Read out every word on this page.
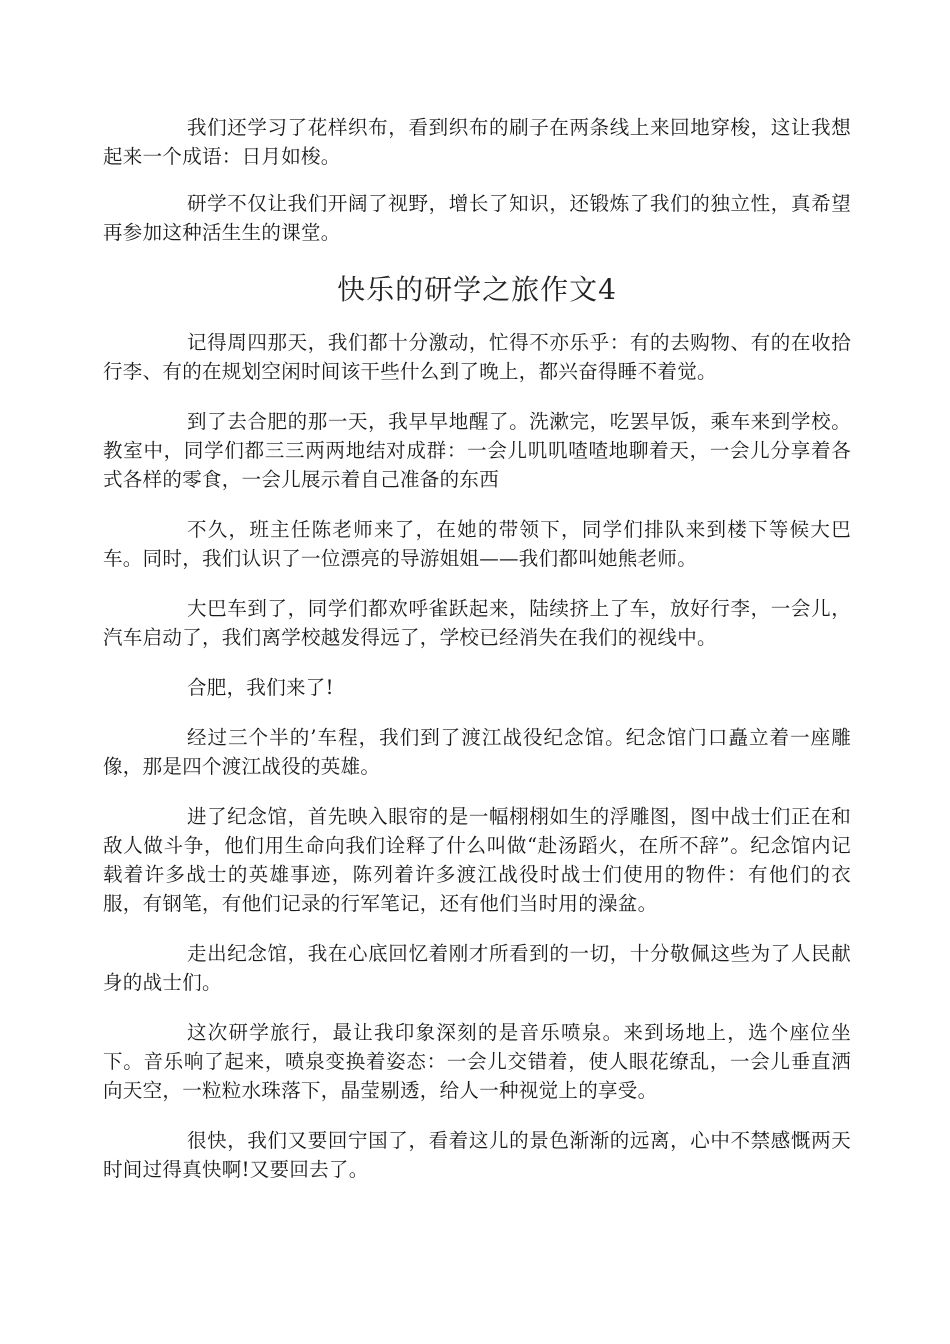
我们还学习了花样织布，看到织布的刷子在两条线上来回地穿梭，这让我想起来一个成语：日月如梭。

研学不仅让我们开阔了视野，增长了知识，还锻炼了我们的独立性，真希望再参加这种活生生的课堂。

快乐的研学之旅作文4

记得周四那天，我们都十分激动，忙得不亦乐乎：有的去购物、有的在收拾行李、有的在规划空闲时间该干些什么到了晚上，都兴奋得睡不着觉。

到了去合肥的那一天，我早早地醒了。洗漱完，吃罢早饭，乘车来到学校。教室中，同学们都三三两两地结对成群：一会儿叽叽喳喳地聊着天，一会儿分享着各式各样的零食，一会儿展示着自己准备的东西

不久，班主任陈老师来了，在她的带领下，同学们排队来到楼下等候大巴车。同时，我们认识了一位漂亮的导游姐姐——我们都叫她熊老师。

大巴车到了，同学们都欢呼雀跃起来，陆续挤上了车，放好行李，一会儿，汽车启动了，我们离学校越发得远了，学校已经消失在我们的视线中。

合肥，我们来了!

经过三个半的’车程，我们到了渡江战役纪念馆。纪念馆门口矗立着一座雕像，那是四个渡江战役的英雄。

进了纪念馆，首先映入眼帘的是一幅栩栩如生的浮雕图，图中战士们正在和敌人做斗争，他们用生命向我们诠释了什么叫做“赴汤蹈火，在所不辞”。纪念馆内记载着许多战士的英雄事迹，陈列着许多渡江战役时战士们使用的物件：有他们的衣服，有钢笔，有他们记录的行军笔记，还有他们当时用的澡盆。

走出纪念馆，我在心底回忆着刚才所看到的一切，十分敬佩这些为了人民献身的战士们。

这次研学旅行，最让我印象深刻的是音乐喷泉。来到场地上，选个座位坐下。音乐响了起来，喷泉变换着姿态：一会儿交错着，使人眼花缭乱，一会儿垂直洒向天空，一粒粒水珠落下，晶莹剔透，给人一种视觉上的享受。

很快，我们又要回宁国了，看着这儿的景色渐渐的远离，心中不禁感慨两天时间过得真快啊!又要回去了。
